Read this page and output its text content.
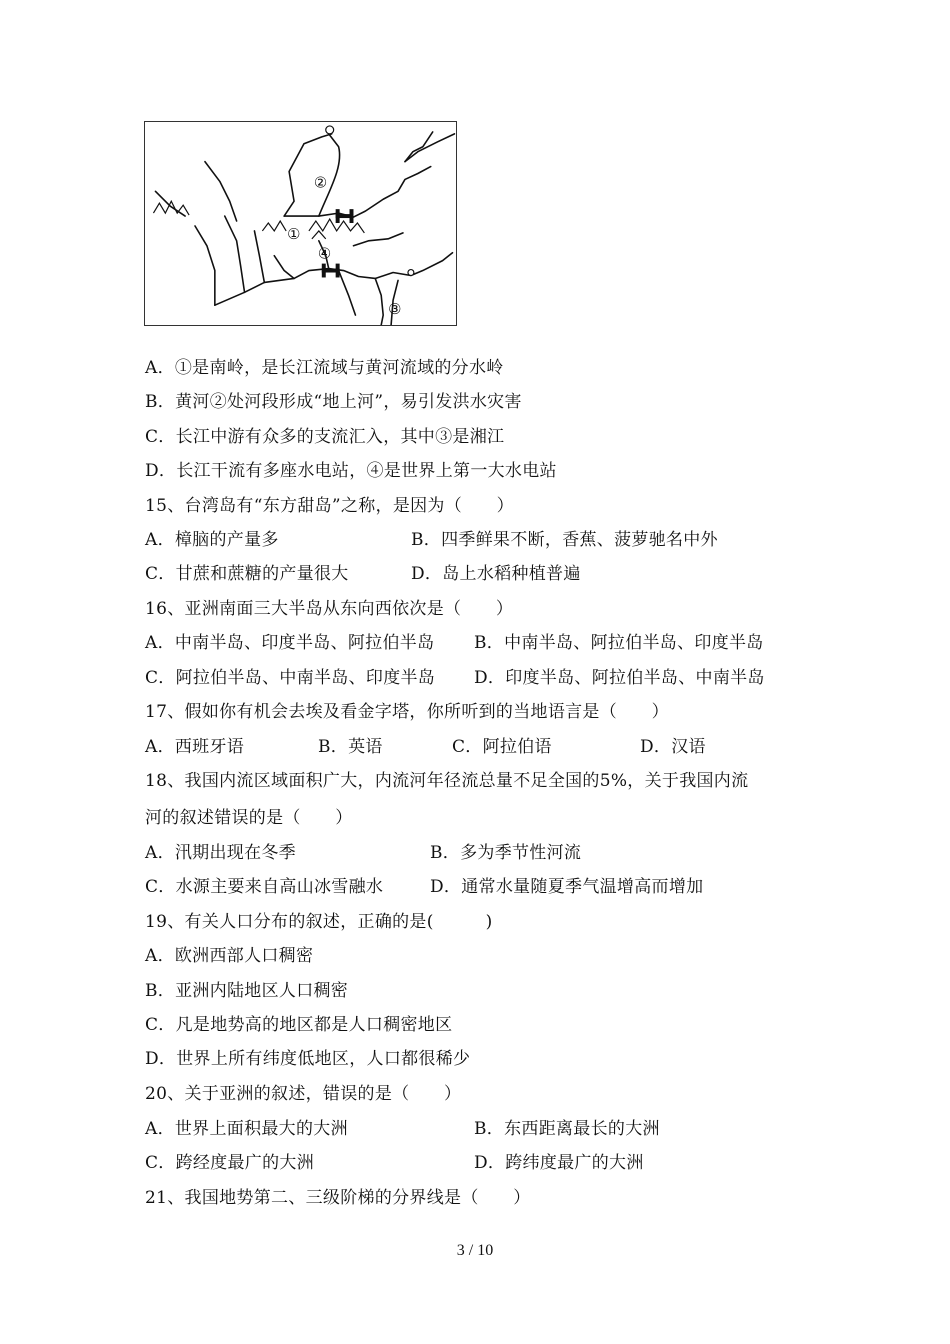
②
①
④
③
A．①是南岭，是长江流域与黄河流域的分水岭
B．黄河②处河段形成“地上河”，易引发洪水灾害
C．长江中游有众多的支流汇入，其中③是湘江
D．长江干流有多座水电站，④是世界上第一大水电站
15、台湾岛有“东方甜岛”之称，是因为（　　）
A．樟脑的产量多	B．四季鲜果不断，香蕉、菠萝驰名中外
C．甘蔗和蔗糖的产量很大	D．岛上水稻种植普遍
16、亚洲南面三大半岛从东向西依次是（　　）
A．中南半岛、印度半岛、阿拉伯半岛 B．中南半岛、阿拉伯半岛、印度半岛
C．阿拉伯半岛、中南半岛、印度半岛 D．印度半岛、阿拉伯半岛、中南半岛
17、假如你有机会去埃及看金字塔，你所听到的当地语言是（　　）
A．西班牙语	B．英语	C．阿拉伯语	D．汉语
18、我国内流区域面积广大，内流河年径流总量不足全国的5%，关于我国内流
河的叙述错误的是（　　）
A．汛期出现在冬季	B．多为季节性河流
C．水源主要来自高山冰雪融水	D．通常水量随夏季气温增高而增加
19、有关人口分布的叙述，正确的是(　　　)
A．欧洲西部人口稠密
B．亚洲内陆地区人口稠密
C．凡是地势高的地区都是人口稠密地区
D．世界上所有纬度低地区，人口都很稀少
20、关于亚洲的叙述，错误的是（　　）
A．世界上面积最大的大洲	B．东西距离最长的大洲
C．跨经度最广的大洲	D．跨纬度最广的大洲
21、我国地势第二、三级阶梯的分界线是（　　）
3 / 10
